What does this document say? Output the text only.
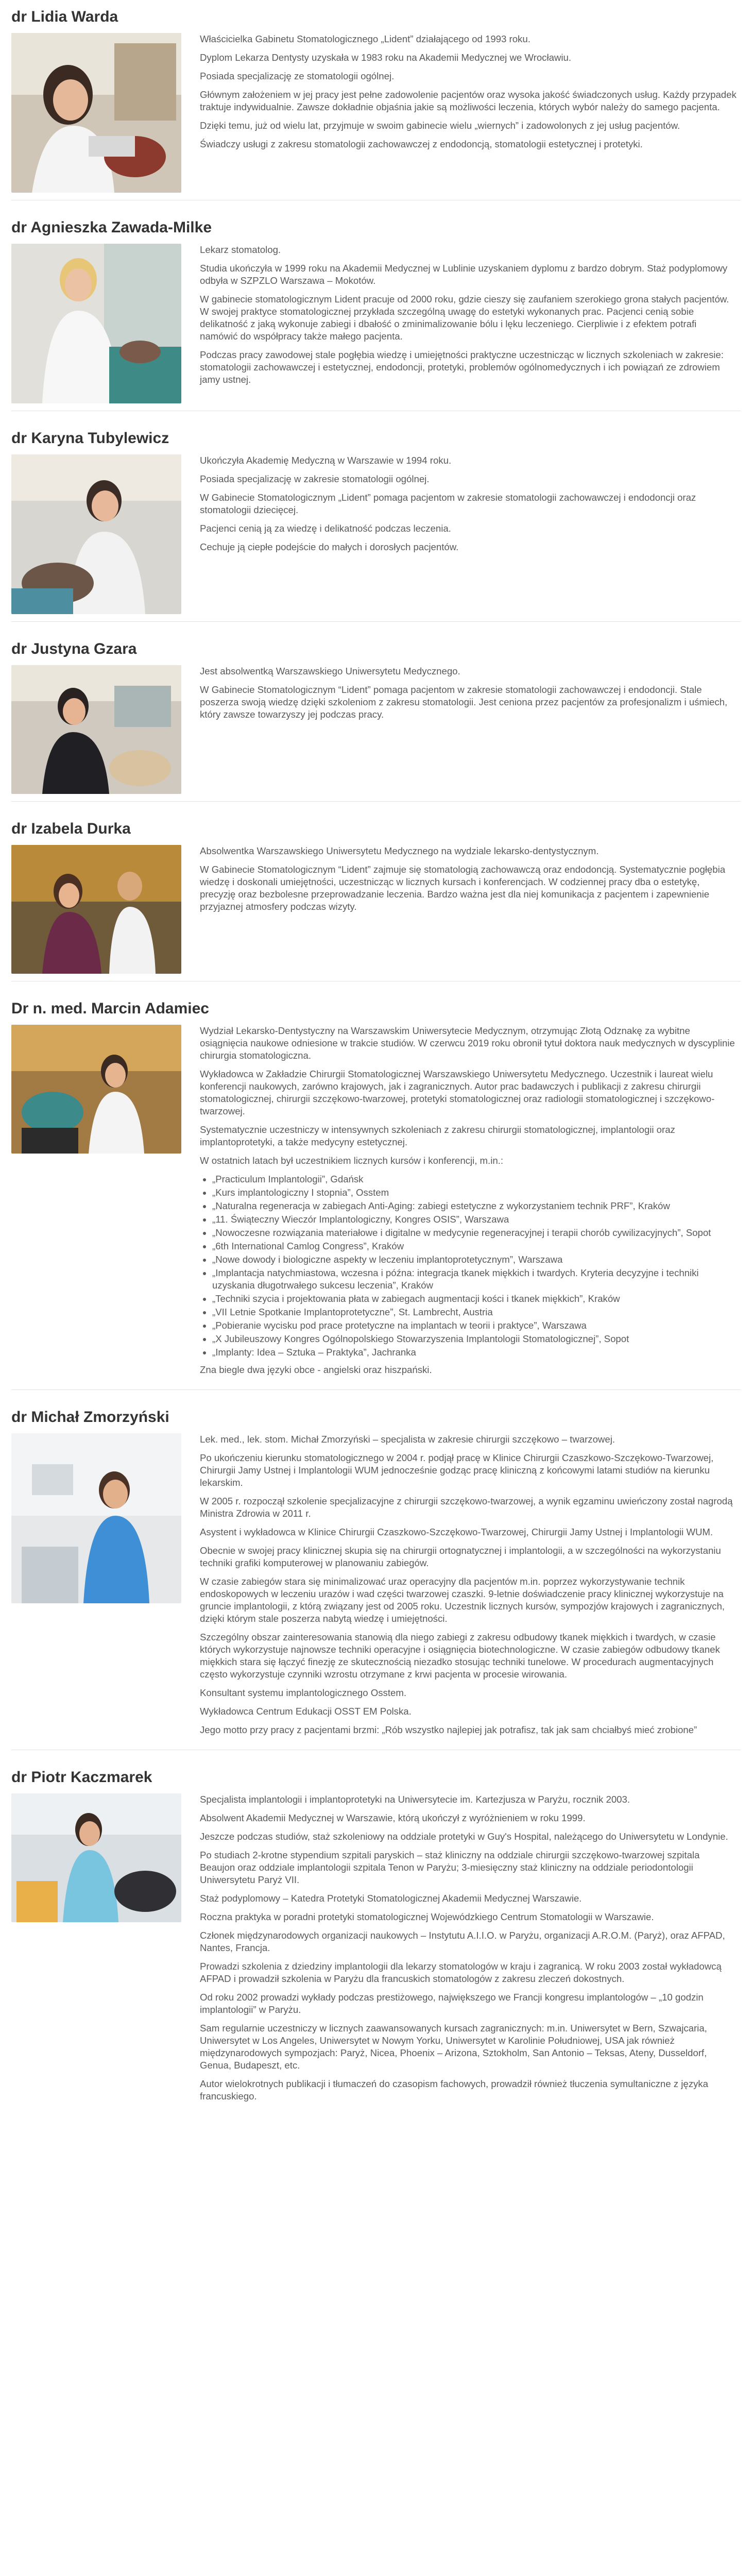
dr Lidia Warda

Właścicielka Gabinetu Stomatologicznego „Lident” działającego od 1993 roku.

Dyplom Lekarza Dentysty uzyskała w 1983 roku na Akademii Medycznej we Wrocławiu.

Posiada specjalizację ze stomatologii ogólnej.

Głównym założeniem w jej pracy jest pełne zadowolenie pacjentów oraz wysoka jakość świadczonych usług. Każdy przypadek traktuje indywidualnie. Zawsze dokładnie objaśnia jakie są możliwości leczenia, których wybór należy do samego pacjenta.

Dzięki temu, już od wielu lat, przyjmuje w swoim gabinecie wielu „wiernych” i zadowolonych z jej usług pacjentów.

Świadczy usługi z zakresu stomatologii zachowawczej z endodoncją, stomatologii estetycznej i protetyki.

dr Agnieszka Zawada-Milke

Lekarz stomatolog.

Studia ukończyła w 1999 roku na Akademii Medycznej w Lublinie uzyskaniem dyplomu z bardzo dobrym. Staż podyplomowy odbyła w SZPZLO Warszawa – Mokotów.

W gabinecie stomatologicznym Lident pracuje od 2000 roku, gdzie cieszy się zaufaniem szerokiego grona stałych pacjentów. W swojej praktyce stomatologicznej przykłada szczególną uwagę do estetyki wykonanych prac. Pacjenci cenią sobie delikatność z jaką wykonuje zabiegi i dbałość o zminimalizowanie bólu i lęku leczeniego. Cierpliwie i z efektem potrafi namówić do współpracy także małego pacjenta.

Podczas pracy zawodowej stale pogłębia wiedzę i umiejętności praktyczne uczestnicząc w licznych szkoleniach w zakresie: stomatologii zachowawczej i estetycznej, endodoncji, protetyki, problemów ogólnomedycznych i ich powiązań ze zdrowiem jamy ustnej.

dr Karyna Tubylewicz

Ukończyła Akademię Medyczną w Warszawie w 1994 roku.

Posiada specjalizację w zakresie stomatologii ogólnej.

W Gabinecie Stomatologicznym „Lident” pomaga pacjentom w zakresie stomatologii zachowawczej i endodoncji oraz stomatologii dziecięcej.

Pacjenci cenią ją za wiedzę i delikatność podczas leczenia.

Cechuje ją ciepłe podejście do małych i dorosłych pacjentów.

dr Justyna Gzara

Jest absolwentką Warszawskiego Uniwersytetu Medycznego.

W Gabinecie Stomatologicznym “Lident” pomaga pacjentom w zakresie stomatologii zachowawczej i endodoncji. Stale poszerza swoją wiedzę dzięki szkoleniom z zakresu stomatologii. Jest ceniona przez pacjentów za profesjonalizm i uśmiech, który zawsze towarzyszy jej podczas pracy.

dr Izabela Durka

Absolwentka Warszawskiego Uniwersytetu Medycznego na wydziale lekarsko-dentystycznym.

W Gabinecie Stomatologicznym “Lident” zajmuje się stomatologią zachowawczą oraz endodoncją. Systematycznie pogłębia wiedzę i doskonali umiejętności, uczestnicząc w licznych kursach i konferencjach. W codziennej pracy dba o estetykę, precyzję oraz bezbolesne przeprowadzanie leczenia. Bardzo ważna jest dla niej komunikacja z pacjentem i zapewnienie przyjaznej atmosfery podczas wizyty.

Dr n. med. Marcin Adamiec

Wydział Lekarsko-Dentystyczny na Warszawskim Uniwersytecie Medycznym, otrzymując Złotą Odznakę za wybitne osiągnięcia naukowe odniesione w trakcie studiów. W czerwcu 2019 roku obronił tytuł doktora nauk medycznych w dyscyplinie chirurgia stomatologiczna.

Wykładowca w Zakładzie Chirurgii Stomatologicznej Warszawskiego Uniwersytetu Medycznego. Uczestnik i laureat wielu konferencji naukowych, zarówno krajowych, jak i zagranicznych. Autor prac badawczych i publikacji z zakresu chirurgii stomatologicznej, chirurgii szczękowo-twarzowej, protetyki stomatologicznej oraz radiologii stomatologicznej i szczękowo-twarzowej.

Systematycznie uczestniczy w intensywnych szkoleniach z zakresu chirurgii stomatologicznej, implantologii oraz implantoprotetyki, a także medycyny estetycznej.

W ostatnich latach był uczestnikiem licznych kursów i konferencji, m.in.:

• „Practiculum Implantologii”, Gdańsk
• „Kurs implantologiczny I stopnia”, Osstem
• „Naturalna regeneracja w zabiegach Anti-Aging: zabiegi estetyczne z wykorzystaniem technik PRF”, Kraków
• „11. Świąteczny Wieczór Implantologiczny, Kongres OSIS”, Warszawa
• „Nowoczesne rozwiązania materiałowe i digitalne w medycynie regeneracyjnej i terapii chorób cywilizacyjnych”, Sopot
• „6th International Camlog Congress”, Kraków
• „Nowe dowody i biologiczne aspekty w leczeniu implantoprotetycznym”, Warszawa
• „Implantacja natychmiastowa, wczesna i późna: integracja tkanek miękkich i twardych. Kryteria decyzyjne i techniki uzyskania długotrwałego sukcesu leczenia”, Kraków
• „Techniki szycia i projektowania płata w zabiegach augmentacji kości i tkanek miękkich”, Kraków
• „VII Letnie Spotkanie Implantoprotetyczne”, St. Lambrecht, Austria
• „Pobieranie wycisku pod prace protetyczne na implantach w teorii i praktyce”, Warszawa
• „X Jubileuszowy Kongres Ogólnopolskiego Stowarzyszenia Implantologii Stomatologicznej”, Sopot
• „Implanty: Idea – Sztuka – Praktyka”, Jachranka

Zna biegle dwa języki obce - angielski oraz hiszpański.

dr Michał Zmorzyński

Lek. med., lek. stom. Michał Zmorzyński – specjalista w zakresie chirurgii szczękowo – twarzowej.

Po ukończeniu kierunku stomatologicznego w 2004 r. podjął pracę w Klinice Chirurgii Czaszkowo-Szczękowo-Twarzowej, Chirurgii Jamy Ustnej i Implantologii WUM jednocześnie godząc pracę kliniczną z końcowymi latami studiów na kierunku lekarskim.

W 2005 r. rozpoczął szkolenie specjalizacyjne z chirurgii szczękowo-twarzowej, a wynik egzaminu uwieńczony został nagrodą Ministra Zdrowia w 2011 r.

Asystent i wykładowca w Klinice Chirurgii Czaszkowo-Szczękowo-Twarzowej, Chirurgii Jamy Ustnej i Implantologii WUM.

Obecnie w swojej pracy klinicznej skupia się na chirurgii ortognatycznej i implantologii, a w szczególności na wykorzystaniu techniki grafiki komputerowej w planowaniu zabiegów.

W czasie zabiegów stara się minimalizować uraz operacyjny dla pacjentów m.in. poprzez wykorzystywanie technik endoskopowych w leczeniu urazów i wad części twarzowej czaszki. 9-letnie doświadczenie pracy klinicznej wykorzystuje na gruncie implantologii, z którą związany jest od 2005 roku. Uczestnik licznych kursów, sympozjów krajowych i zagranicznych, dzięki którym stale poszerza nabytą wiedzę i umiejętności.

Szczególny obszar zainteresowania stanowią dla niego zabiegi z zakresu odbudowy tkanek miękkich i twardych, w czasie których wykorzystuje najnowsze techniki operacyjne i osiągnięcia biotechnologiczne. W czasie zabiegów odbudowy tkanek miękkich stara się łączyć finezję ze skutecznością niezadko stosując techniki tunelowe. W procedurach augmentacyjnych często wykorzystuje czynniki wzrostu otrzymane z krwi pacjenta w procesie wirowania.

Konsultant systemu implantologicznego Osstem.

Wykładowca Centrum Edukacji OSST EM Polska.

Jego motto przy pracy z pacjentami brzmi: „Rób wszystko najlepiej jak potrafisz, tak jak sam chciałbyś mieć zrobione”

dr Piotr Kaczmarek

Specjalista implantologii i implantoprotetyki na Uniwersytecie im. Kartezjusza w Paryżu, rocznik 2003.

Absolwent Akademii Medycznej w Warszawie, którą ukończył z wyróżnieniem w roku 1999.

Jeszcze podczas studiów, staż szkoleniowy na oddziale protetyki w Guy's Hospital, należącego do Uniwersytetu w Londynie.

Po studiach 2-krotne stypendium szpitali paryskich – staż kliniczny na oddziale chirurgii szczękowo-twarzowej szpitala Beaujon oraz oddziale implantologii szpitala Tenon w Paryżu; 3-miesięczny staż kliniczny na oddziale periodontologii Uniwersytetu Paryż VII.

Staż podyplomowy – Katedra Protetyki Stomatologicznej Akademii Medycznej Warszawie.

Roczna praktyka w poradni protetyki stomatologicznej Wojewódzkiego Centrum Stomatologii w Warszawie.

Członek międzynarodowych organizacji naukowych – Instytutu A.I.I.O. w Paryżu, organizacji A.R.O.M. (Paryż), oraz AFPAD, Nantes, Francja.

Prowadzi szkolenia z dziedziny implantologii dla lekarzy stomatologów w kraju i zagranicą. W roku 2003 został wykładowcą AFPAD i prowadził szkolenia w Paryżu dla francuskich stomatologów z zakresu zleczeń dokostnych.

Od roku 2002 prowadzi wykłady podczas prestiżowego, największego we Francji kongresu implantologów – „10 godzin implantologii” w Paryżu.

Sam regularnie uczestniczy w licznych zaawansowanych kursach zagranicznych: m.in. Uniwersytet w Bern, Szwajcaria, Uniwersytet w Los Angeles, Uniwersytet w Nowym Yorku, Uniwersytet w Karolinie Południowej, USA jak również międzynarodowych sympozjach: Paryż, Nicea, Phoenix – Arizona, Sztokholm, San Antonio – Teksas, Ateny, Dusseldorf, Genua, Budapeszt, etc.

Autor wielokrotnych publikacji i tłumaczeń do czasopism fachowych, prowadził również tłuczenia symultaniczne z języka francuskiego.
